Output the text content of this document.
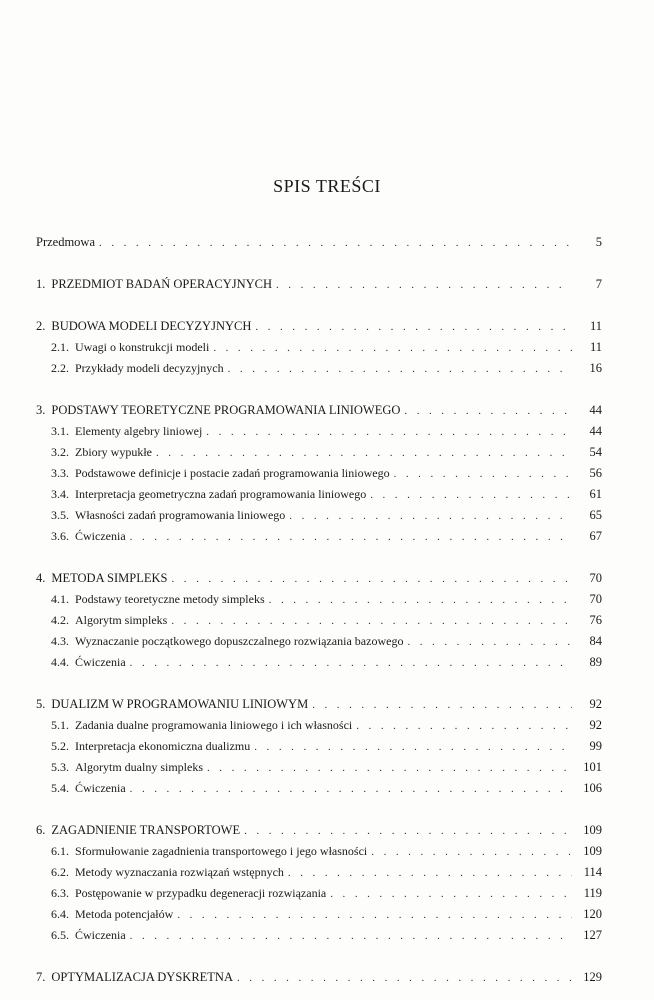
SPIS TREŚCI
Przedmowa . . .	5
1. PRZEDMIOT BADAŃ OPERACYJNYCH . . .	7
2. BUDOWA MODELI DECYZYJNYCH . . .	11
2.1. Uwagi o konstrukcji modeli . . .	11
2.2. Przykłady modeli decyzyjnych . . .	16
3. PODSTAWY TEORETYCZNE PROGRAMOWANIA LINIOWEGO . . .	44
3.1. Elementy algebry liniowej . . .	44
3.2. Zbiory wypukłe . . .	54
3.3. Podstawowe definicje i postacie zadań programowania liniowego . . .	56
3.4. Interpretacja geometryczna zadań programowania liniowego . . .	61
3.5. Własności zadań programowania liniowego . . .	65
3.6. Ćwiczenia . . .	67
4. METODA SIMPLEKS . . .	70
4.1. Podstawy teoretyczne metody simpleks . . .	70
4.2. Algorytm simpleks . . .	76
4.3. Wyznaczanie początkowego dopuszczalnego rozwiązania bazowego . . .	84
4.4. Ćwiczenia . . .	89
5. DUALIZM W PROGRAMOWANIU LINIOWYM . . .	92
5.1. Zadania dualne programowania liniowego i ich własności . . .	92
5.2. Interpretacja ekonomiczna dualizmu . . .	99
5.3. Algorytm dualny simpleks . . .	101
5.4. Ćwiczenia . . .	106
6. ZAGADNIENIE TRANSPORTOWE . . .	109
6.1. Sformułowanie zagadnienia transportowego i jego własności . . .	109
6.2. Metody wyznaczania rozwiązań wstępnych . . .	114
6.3. Postępowanie w przypadku degeneracji rozwiązania . . .	119
6.4. Metoda potencjałów . . .	120
6.5. Ćwiczenia . . .	127
7. OPTYMALIZACJA DYSKRETNA . . .	129
